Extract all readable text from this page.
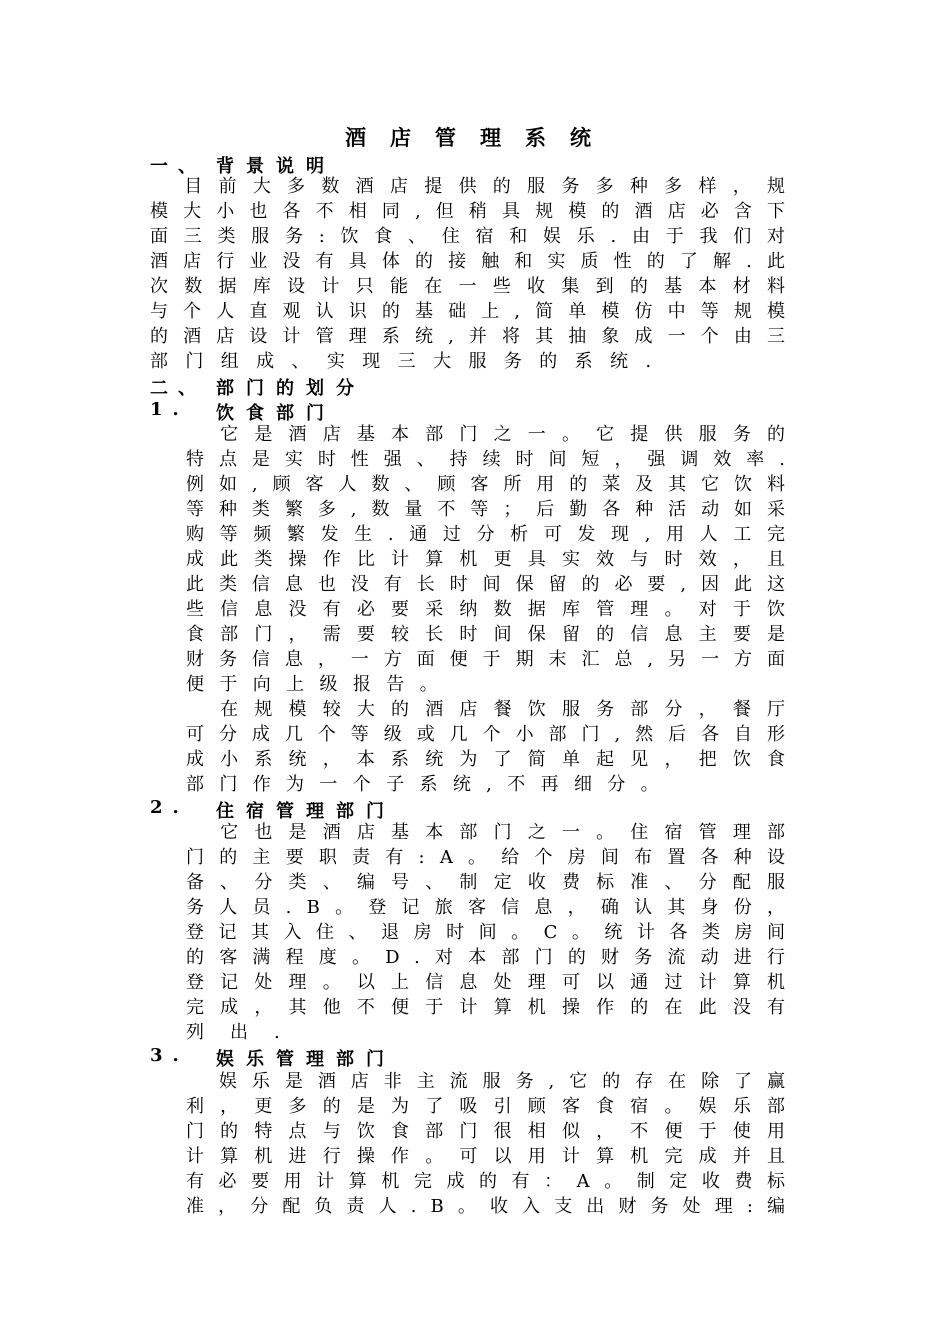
酒店管理系统
一、 背景说明
　目前大多数酒店提供的服务多种多样，规
模大小也各不相同,但稍具规模的酒店必含下
面三类服务:饮食、住宿和娱乐.由于我们对
酒店行业没有具体的接触和实质性的了解.此
次数据库设计只能在一些收集到的基本材料
与个人直观认识的基础上,简单模仿中等规模
的酒店设计管理系统,并将其抽象成一个由三
部门组成、实现三大服务的系统.
二、 部门的划分
1. 饮食部门
　它是酒店基本部门之一。它提供服务的
特点是实时性强、持续时间短，强调效率.
例如,顾客人数、顾客所用的菜及其它饮料
等种类繁多,数量不等；后勤各种活动如采
购等频繁发生.通过分析可发现,用人工完
成此类操作比计算机更具实效与时效，且
此类信息也没有长时间保留的必要,因此这
些信息没有必要采纳数据库管理。对于饮
食部门，需要较长时间保留的信息主要是
财务信息，一方面便于期末汇总,另一方面
便于向上级报告。
　在规模较大的酒店餐饮服务部分，餐厅
可分成几个等级或几个小部门,然后各自形
成小系统，本系统为了简单起见，把饮食
部门作为一个子系统,不再细分。
2. 住宿管理部门
　它也是酒店基本部门之一。住宿管理部
门的主要职责有:A。给个房间布置各种设
备、分类、编号、制定收费标准、分配服
务人员.B。登记旅客信息，确认其身份，
登记其入住、退房时间。C。统计各类房间
的客满程度。D.对本部门的财务流动进行
登记处理。以上信息处理可以通过计算机
完成，其他不便于计算机操作的在此没有
列出.
3. 娱乐管理部门
　娱乐是酒店非主流服务,它的存在除了赢
利，更多的是为了吸引顾客食宿。娱乐部
门的特点与饮食部门很相似，不便于使用
计算机进行操作。可以用计算机完成并且
有必要用计算机完成的有：A。制定收费标
准，分配负责人.B。收入支出财务处理:编
